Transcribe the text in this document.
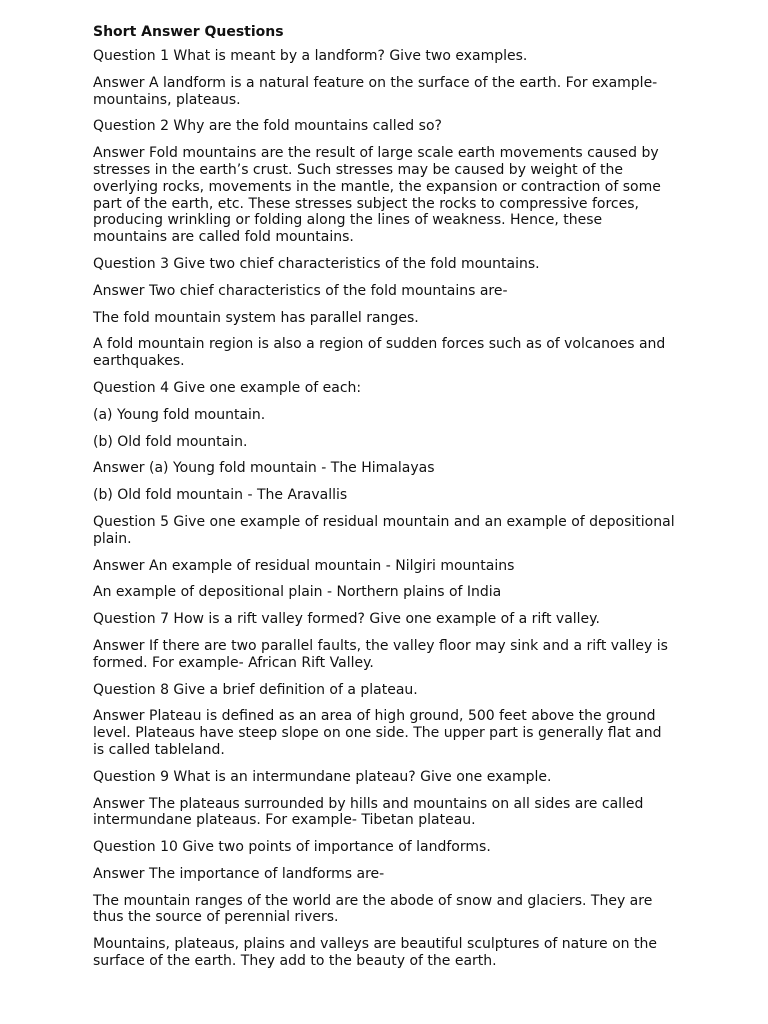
Short Answer Questions

Question 1 What is meant by a landform? Give two examples.

Answer A landform is a natural feature on the surface of the earth. For example- mountains, plateaus.

Question 2 Why are the fold mountains called so?

Answer Fold mountains are the result of large scale earth movements caused by stresses in the earth’s crust. Such stresses may be caused by weight of the overlying rocks, movements in the mantle, the expansion or contraction of some part of the earth, etc. These stresses subject the rocks to compressive forces, producing wrinkling or folding along the lines of weakness. Hence, these mountains are called fold mountains.

Question 3 Give two chief characteristics of the fold mountains.

Answer Two chief characteristics of the fold mountains are-

The fold mountain system has parallel ranges.

A fold mountain region is also a region of sudden forces such as of volcanoes and earthquakes.

Question 4 Give one example of each:

(a) Young fold mountain.

(b) Old fold mountain.

Answer (a) Young fold mountain - The Himalayas

(b) Old fold mountain - The Aravallis

Question 5 Give one example of residual mountain and an example of depositional plain.

Answer An example of residual mountain - Nilgiri mountains

An example of depositional plain - Northern plains of India

Question 7 How is a rift valley formed? Give one example of a rift valley.

Answer If there are two parallel faults, the valley floor may sink and a rift valley is formed. For example- African Rift Valley.

Question 8 Give a brief definition of a plateau.

Answer Plateau is defined as an area of high ground, 500 feet above the ground level. Plateaus have steep slope on one side. The upper part is generally flat and is called tableland.

Question 9 What is an intermundane plateau? Give one example.

Answer The plateaus surrounded by hills and mountains on all sides are called intermundane plateaus. For example- Tibetan plateau.

Question 10 Give two points of importance of landforms.

Answer The importance of landforms are-

The mountain ranges of the world are the abode of snow and glaciers. They are thus the source of perennial rivers.

Mountains, plateaus, plains and valleys are beautiful sculptures of nature on the surface of the earth. They add to the beauty of the earth.
